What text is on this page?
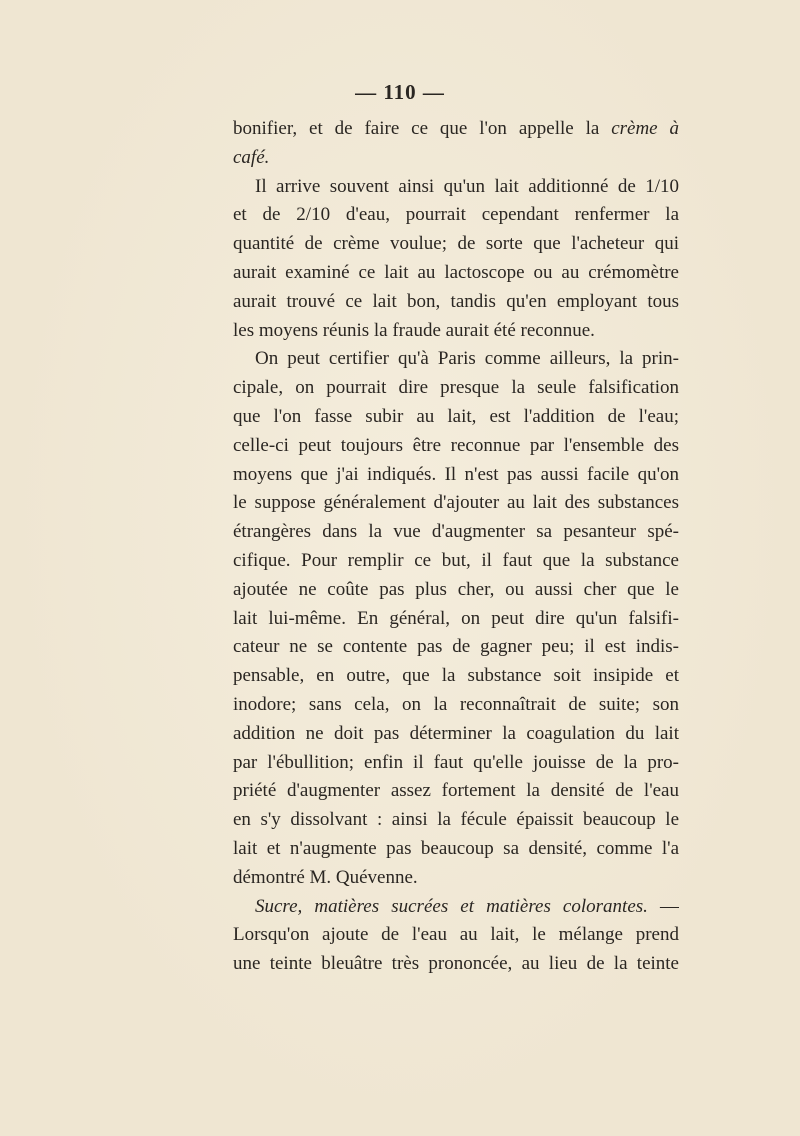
— 110 —
bonifier, et de faire ce que l'on appelle la crème à
café.
Il arrive souvent ainsi qu'un lait additionné de 1/10
et de 2/10 d'eau, pourrait cependant renfermer la
quantité de crème voulue; de sorte que l'acheteur qui
aurait examiné ce lait au lactoscope ou au crémomètre
aurait trouvé ce lait bon, tandis qu'en employant tous
les moyens réunis la fraude aurait été reconnue.
On peut certifier qu'à Paris comme ailleurs, la prin-
cipale, on pourrait dire presque la seule falsification
que l'on fasse subir au lait, est l'addition de l'eau;
celle-ci peut toujours être reconnue par l'ensemble des
moyens que j'ai indiqués. Il n'est pas aussi facile qu'on
le suppose généralement d'ajouter au lait des substances
étrangères dans la vue d'augmenter sa pesanteur spé-
cifique. Pour remplir ce but, il faut que la substance
ajoutée ne coûte pas plus cher, ou aussi cher que le
lait lui-même. En général, on peut dire qu'un falsifi-
cateur ne se contente pas de gagner peu; il est indis-
pensable, en outre, que la substance soit insipide et
inodore; sans cela, on la reconnaîtrait de suite; son
addition ne doit pas déterminer la coagulation du lait
par l'ébullition; enfin il faut qu'elle jouisse de la pro-
priété d'augmenter assez fortement la densité de l'eau
en s'y dissolvant : ainsi la fécule épaissit beaucoup le
lait et n'augmente pas beaucoup sa densité, comme l'a
démontré M. Quévenne.
Sucre, matières sucrées et matières colorantes. —
Lorsqu'on ajoute de l'eau au lait, le mélange prend
une teinte bleuâtre très prononcée, au lieu de la teinte
